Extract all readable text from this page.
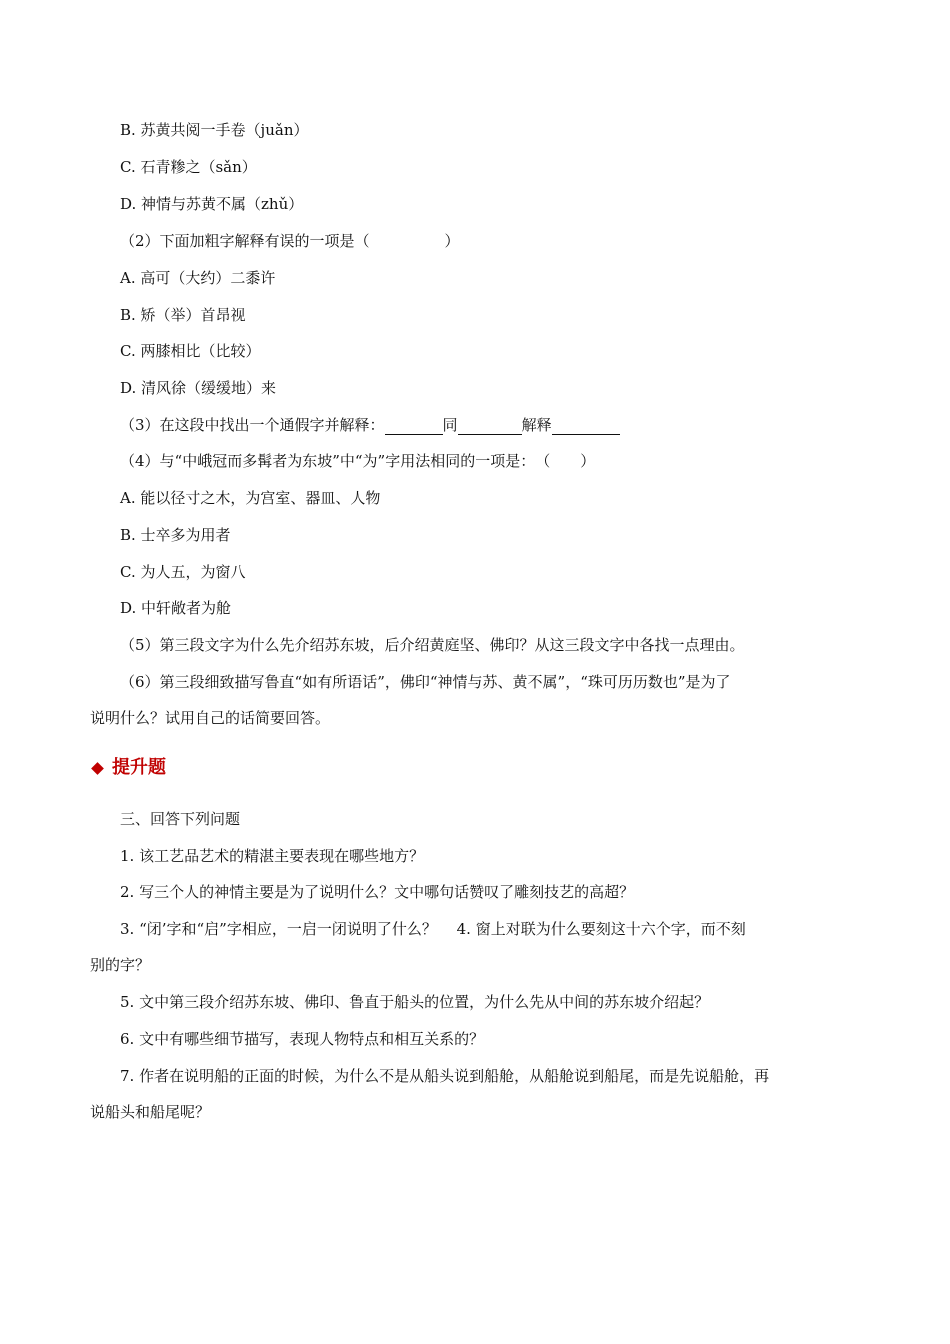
B. 苏黄共阅一手卷（juǎn）
C. 石青糁之（sǎn）
D. 神情与苏黄不属（zhǔ）
（2）下面加粗字解释有误的一项是（　　　　　）
A. 高可（大约）二黍许
B. 矫（举）首昂视
C. 两膝相比（比较）
D. 清风徐（缓缓地）来
（3）在这段中找出一个通假字并解释：	同	解释
（4）与“中峨冠而多髯者为东坡”中“为”字用法相同的一项是：　（　　）
A. 能以径寸之木，为宫室、器皿、人物
B. 士卒多为用者
C. 为人五，为窗八
D. 中轩敞者为舱
（5）第三段文字为什么先介绍苏东坡，后介绍黄庭坚、佛印？从这三段文字中各找一点理由。
（6）第三段细致描写鲁直“如有所语话”，佛印“神情与苏、黄不属”，“珠可历历数也”是为了
说明什么？试用自己的话简要回答。
提升题
三、回答下列问题
1. 该工艺品艺术的精湛主要表现在哪些地方？
2. 写三个人的神情主要是为了说明什么？文中哪句话赞叹了雕刻技艺的高超？
3. “闭’字和“启”字相应，一启一闭说明了什么？　 4. 窗上对联为什么要刻这十六个字，而不刻
别的字？
5. 文中第三段介绍苏东坡、佛印、鲁直于船头的位置，为什么先从中间的苏东坡介绍起？
6. 文中有哪些细节描写，表现人物特点和相互关系的？
7. 作者在说明船的正面的时候，为什么不是从船头说到船舱，从船舱说到船尾，而是先说船舱，再
说船头和船尾呢？
